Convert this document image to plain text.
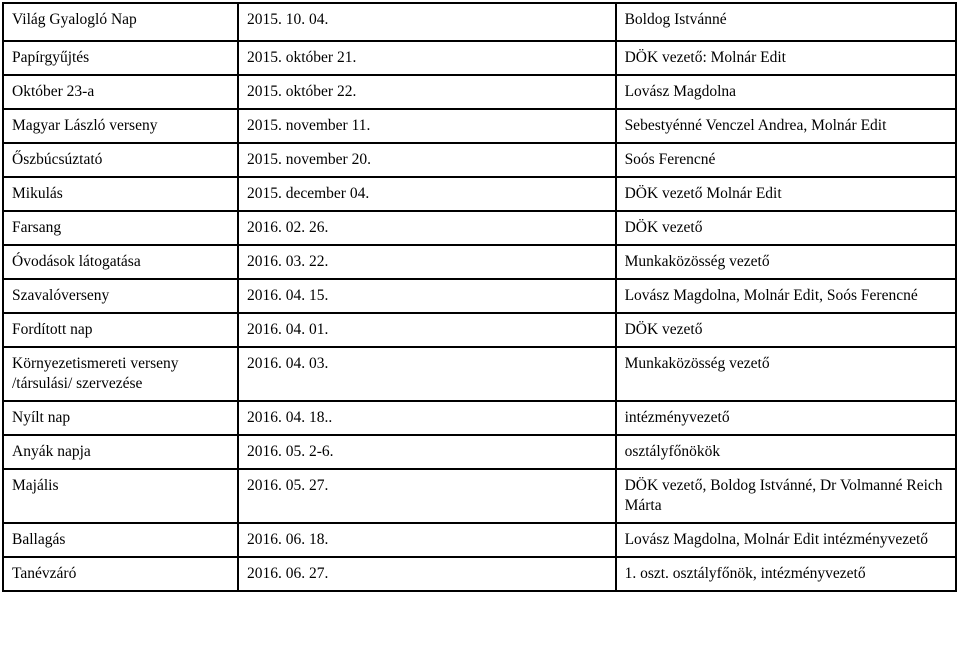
Világ Gyalogló Nap	2015. 10. 04.	Boldog Istvánné
Papírgyűjtés	2015. október 21.	DÖK vezető: Molnár Edit
Október 23-a	2015. október 22.	Lovász Magdolna
Magyar László verseny	2015. november 11.	Sebestyénné Venczel Andrea, Molnár Edit
Őszbúcsúztató	2015. november 20.	Soós Ferencné
Mikulás	2015. december 04.	DÖK vezető Molnár Edit
Farsang	2016. 02. 26.	DÖK vezető
Óvodások látogatása	2016. 03. 22.	Munkaközösség vezető
Szavalóverseny	2016. 04. 15.	Lovász Magdolna, Molnár Edit, Soós Ferencné
Fordított nap	2016. 04. 01.	DÖK vezető
Környezetismereti verseny /társulási/ szervezése	2016. 04. 03.	Munkaközösség vezető
Nyílt nap	2016. 04. 18..	intézményvezető
Anyák napja	2016. 05. 2-6.	osztályfőnökök
Majális	2016. 05. 27.	DÖK vezető, Boldog Istvánné, Dr Volmanné Reich Márta
Ballagás	2016. 06. 18.	Lovász Magdolna, Molnár Edit intézményvezető
Tanévzáró	2016. 06. 27.	1. oszt. osztályfőnök, intézményvezető
